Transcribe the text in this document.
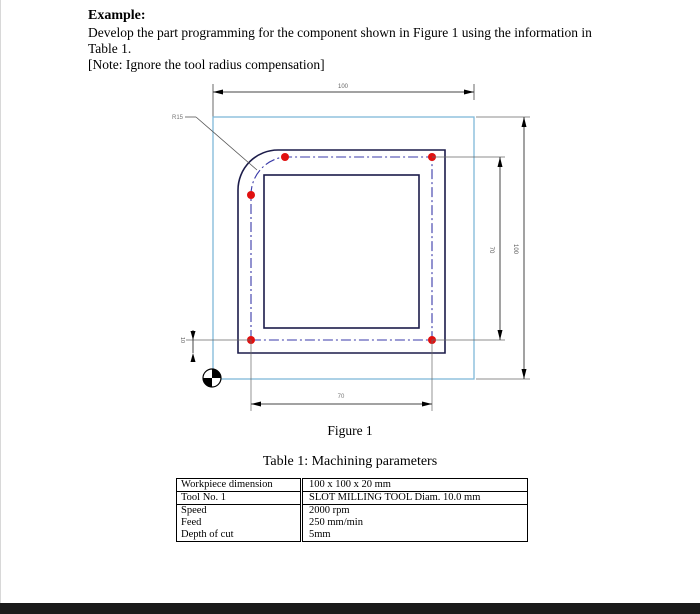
Example:
Develop the part programming for the component shown in Figure 1 using the information in
Table 1.
[Note: Ignore the tool radius compensation]
100
R15
70	100
10
70
Figure 1
Table 1: Machining parameters
Workpiece dimension	100 x 100 x 20 mm
Tool No. 1	SLOT MILLING TOOL Diam. 10.0 mm
Speed	2000 rpm
Feed	250 mm/min
Depth of cut	5mm
